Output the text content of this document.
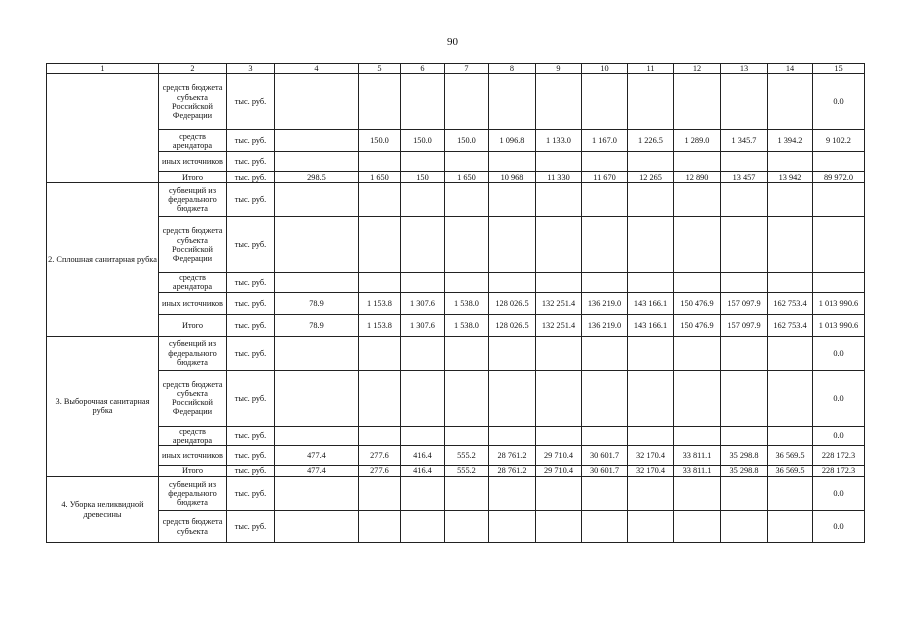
90
1	2	3	4	5	6	7	8	9	10	11	12	13	14	15
	средств бюджета субъекта Российской Федерации	тыс. руб.												0.0
	средств арендатора	тыс. руб.		150.0	150.0	150.0	1 096.8	1 133.0	1 167.0	1 226.5	1 289.0	1 345.7	1 394.2	9 102.2
	иных источников	тыс. руб.												
	Итого	тыс. руб.	298.5	1 650	150	1 650	10 968	11 330	11 670	12 265	12 890	13 457	13 942	89 972.0
2. Сплошная санитарная рубка	субвенций из федерального бюджета	тыс. руб.												
	средств бюджета субъекта Российской Федерации	тыс. руб.												
	средств арендатора	тыс. руб.												
	иных источников	тыс. руб.	78.9	1 153.8	1 307.6	1 538.0	128 026.5	132 251.4	136 219.0	143 166.1	150 476.9	157 097.9	162 753.4	1 013 990.6
	Итого	тыс. руб.	78.9	1 153.8	1 307.6	1 538.0	128 026.5	132 251.4	136 219.0	143 166.1	150 476.9	157 097.9	162 753.4	1 013 990.6
3. Выборочная санитарная рубка	субвенций из федерального бюджета	тыс. руб.												0.0
	средств бюджета субъекта Российской Федерации	тыс. руб.												0.0
	средств арендатора	тыс. руб.												0.0
	иных источников	тыс. руб.	477.4	277.6	416.4	555.2	28 761.2	29 710.4	30 601.7	32 170.4	33 811.1	35 298.8	36 569.5	228 172.3
	Итого	тыс. руб.	477.4	277.6	416.4	555.2	28 761.2	29 710.4	30 601.7	32 170.4	33 811.1	35 298.8	36 569.5	228 172.3
4. Уборка неликвидной древесины	субвенций из федерального бюджета	тыс. руб.												0.0
	средств бюджета субъекта	тыс. руб.												0.0
